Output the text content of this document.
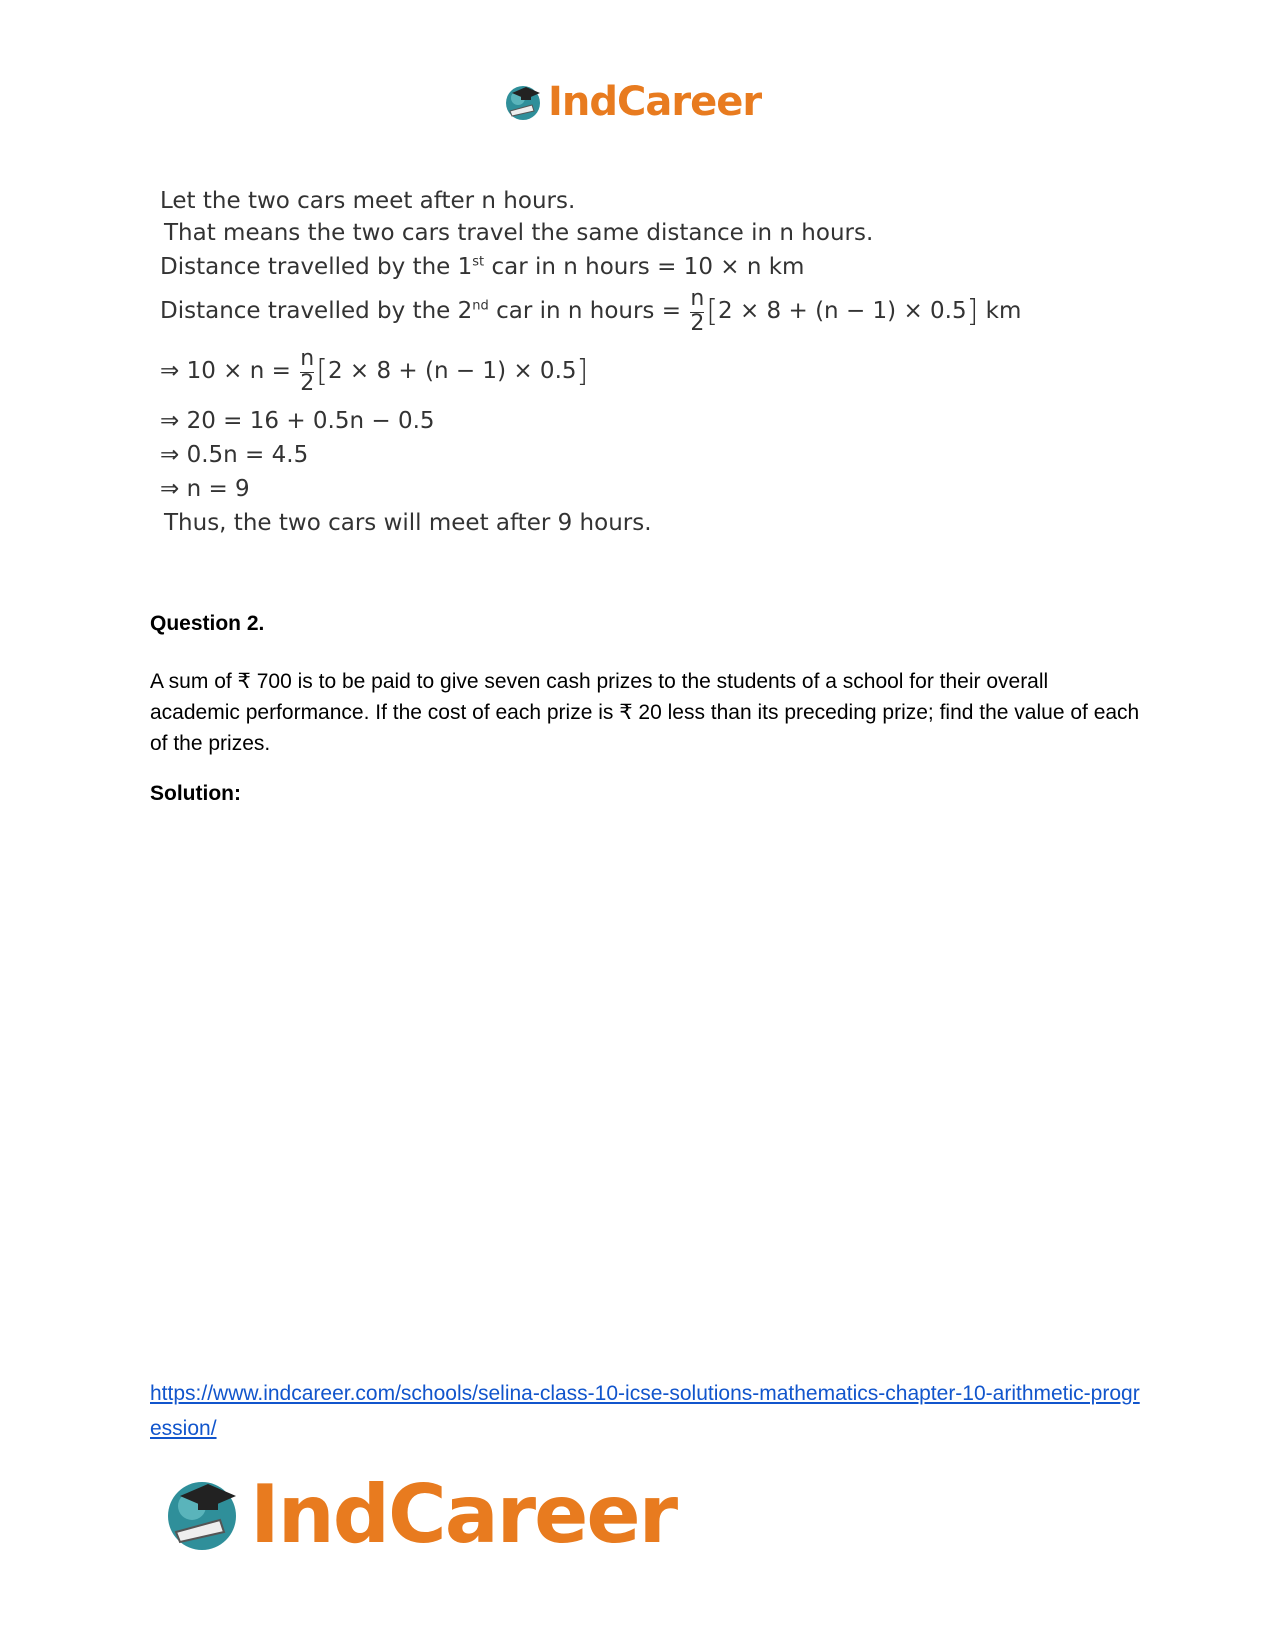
IndCareer
Let the two cars meet after n hours.
That means the two cars travel the same distance in n hours.
Distance travelled by the 1st car in n hours = 10 × n km
Distance travelled by the 2nd car in n hours = $\frac{n}{2} [2 \times 8 + (n - 1) \times 0.5]$ km
⇒ $10 \times n = \frac{n}{2} [2 \times 8 + (n - 1) \times 0.5]$
⇒ 20 = 16 + 0.5n − 0.5
⇒ 0.5n = 4.5
⇒ n = 9
Thus, the two cars will meet after 9 hours.
Question 2.
A sum of ₹ 700 is to be paid to give seven cash prizes to the students of a school for their overall academic performance. If the cost of each prize is ₹ 20 less than its preceding prize; find the value of each of the prizes.
Solution:
https://www.indcareer.com/schools/selina-class-10-icse-solutions-mathematics-chapter-10-arithmetic-progression/
IndCareer
